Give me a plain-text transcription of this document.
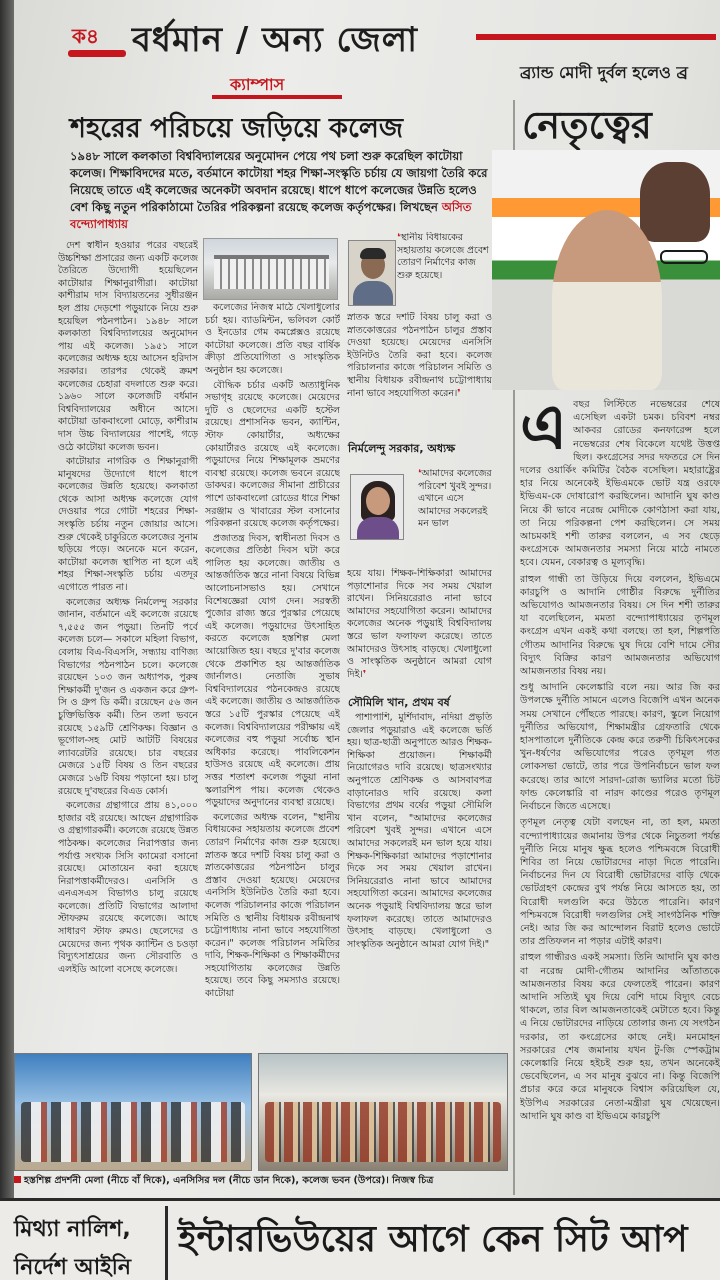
ক৪ বর্ধমান / অন্য জেলা
ক্যাম্পাস
শহরের পরিচয়ে জড়িয়ে কলেজ
১৯৪৮ সালে কলকাতা বিশ্ববিদ্যালয়ের অনুমোদন পেয়ে পথ চলা শুরু করেছিল কাটোয়া কলেজ। শিক্ষাবিদদের মতে, বর্তমানে কাটোয়া শহর শিক্ষা-সংস্কৃতি চর্চায় যে জায়গা তৈরি করে নিয়েছে তাতে এই কলেজের অনেকটা অবদান রয়েছে। ধাপে ধাপে কলেজের উন্নতি হলেও বেশ কিছু নতুন পরিকাঠামো তৈরির পরিকল্পনা রয়েছে কলেজ কর্তৃপক্ষের। লিখছেন অসিত বন্দ্যোপাধ্যায়

দেশ স্বাধীন হওয়ার পরের বছরেই উচ্চশিক্ষা প্রসারের জন্য একটি কলেজ তৈরিতে উদ্যোগী হয়েছিলেন কাটোয়ার শিক্ষানুরাগীরা। কাটোয়া কাশীরাম দাস বিদ্যায়তনের সুধীরঞ্জন হল প্রায় দেড়শো পড়ুয়াকে নিয়ে শুরু হয়েছিল পঠনপাঠন। ১৯৪৮ সালে কলকাতা বিশ্ববিদ্যালয়ের অনুমোদন পায় এই কলেজ। ১৯৫১ সালে কলেজের অধ্যক্ষ হয়ে আসেন হরিদাস সরকার। তারপর থেকেই ক্রমশ কলেজের চেহারা বদলাতে শুরু করে। ১৯৬০ সালে কলেজটি বর্ধমান বিশ্ববিদ্যালয়ের অধীনে আসে। কাটোয়া ডাকবাংলো মোড়ে, কাশীরাম দাস উচ্চ বিদ্যালয়ের পাশেই, গড়ে ওঠে কাটোয়া কলেজ ভবন।

কাটোয়ার নাগরিক ও শিক্ষানুরাগী মানুষদের উদ্যোগে ধাপে ধাপে কলেজের উন্নতি হয়েছে। কলকাতা থেকে আসা অধ্যক্ষ কলেজে যোগ দেওয়ার পরে গোটা শহরের শিক্ষা-সংস্কৃতি চর্চায় নতুন জোয়ার আসে। শুরু থেকেই চাকুরিতে কলেজের সুনাম ছড়িয়ে পড়ে। অনেকে মনে করেন, কাটোয়া কলেজ স্থাপিত না হলে এই শহর শিক্ষা-সংস্কৃতি চর্চায় এতদূর এগোতে পারত না।

কলেজের অধ্যক্ষ নির্মলেন্দু সরকার জানান, বর্তমানে এই কলেজে রয়েছে ৭,৫৫৫ জন পড়ুয়া। তিনটি পর্বে কলেজ চলে— সকালে মহিলা বিভাগ, বেলায় বিএ-বিএসসি, সন্ধ্যায় বাণিজ্য বিভাগের পঠনপাঠন চলে। কলেজে রয়েছেন ১০৩ জন অধ্যাপক, পুরুষ শিক্ষাকর্মী দু'জন ও একজন করে গ্রুপ-সি ও গ্রুপ ডি কর্মী। রয়েছেন ৫৬ জন চুক্তিভিত্তিক কর্মী। তিন তলা ভবনে রয়েছে ১৫৯টি শ্রেণিকক্ষ। বিজ্ঞান ও ভূগোল-সহ মোট আটটি বিষয়ের ল্যাবরেটরি রয়েছে। চার বছরের মেজরে ১৫টি বিষয় ও তিন বছরের মেজরে ১৬টি বিষয় পড়ানো হয়। চালু রয়েছে দু'বছরের বিএড কোর্স।

কলেজের গ্রন্থাগারে প্রায় ৪১,০০০ হাজার বই রয়েছে। আছেন গ্রন্থাগারিক ও গ্রন্থাগারকর্মী। কলেজে রয়েছে উন্নত পাঠকক্ষ। কলেজের নিরাপত্তার জন্য পর্যাপ্ত সংখ্যক সিসি ক্যামেরা বসানো রয়েছে। মোতায়েন করা হয়েছে নিরাপত্তাকর্মীদেরও। এনসিসি ও এনএসএস বিভাগও চালু রয়েছে কলেজে। প্রতিটি বিভাগের আলাদা স্টাফরুম রয়েছে কলেজে। আছে সাধারণ স্টাফ রুমও। ছেলেদের ও মেয়েদের জন্য পৃথক ক্যান্টিন ও চওড়া বিদ্যুৎসাশ্রয়ের জন্য সৌরবাতি ও এলইডি আলো বসেছে কলেজে।

কলেজের নিজস্ব মাঠে খেলাধুলোর চর্চা হয়। ব্যাডমিন্টন, ভলিবল কোর্ট ও ইনডোর গেম কমপ্লেক্সও রয়েছে কাটোয়া কলেজে। প্রতি বছর বার্ষিক ক্রীড়া প্রতিযোগিতা ও সাংস্কৃতিক অনুষ্ঠান হয় কলেজে।

বৌদ্ধিক চর্চার একটি অত্যাধুনিক সভাগৃহ রয়েছে কলেজে। মেয়েদের দুটি ও ছেলেদের একটি হস্টেল রয়েছে। প্রশাসনিক ভবন, ক্যান্টিন, স্টাফ কোয়ার্টার, অধ্যক্ষের কোয়ার্টারও রয়েছে এই কলেজে। পড়ুয়াদের নিয়ে শিক্ষামূলক ভ্রমণের ব্যবস্থা রয়েছে। কলেজ ভবনে রয়েছে ডাকঘর। কলেজের সীমানা প্রাচীরের পাশে ডাকবাংলো রোডের ধারে শিক্ষা সরঞ্জাম ও খাবারের স্টল বসানোর পরিকল্পনা রয়েছে কলেজ কর্তৃপক্ষের।

প্রজাতন্ত্র দিবস, স্বাধীনতা দিবস ও কলেজের প্রতিষ্ঠা দিবস ঘটা করে পালিত হয় কলেজে। জাতীয় ও আন্তর্জাতিক স্তরে নানা বিষয়ে বিভিন্ন আলোচনাসভাও হয়। সেখানে বিশেষজ্ঞেরা যোগ দেন। সরস্বতী পুজোর রাজ্য স্তরে পুরস্কার পেয়েছে এই কলেজ। পড়ুয়াদের উৎসাহিত করতে কলেজে হস্তশিল্প মেলা আয়োজিত হয়। বছরে দু'বার কলেজ থেকে প্রকাশিত হয় আন্তর্জাতিক জার্নালও। নেতাজি সুভাষ বিশ্ববিদ্যালয়ের পঠনকেন্দ্রও রয়েছে এই কলেজে। জাতীয় ও আন্তর্জাতিক স্তরে ১৫টি পুরস্কার পেয়েছে এই কলেজ। বিশ্ববিদ্যালয়ের পরীক্ষায় এই কলেজের বহু পড়ুয়া সর্বোচ্চ স্থান অধিকার করেছে। পাবলিকেশন হাউসও রয়েছে এই কলেজে। প্রায় সত্তর শতাংশ কলেজ পড়ুয়া নানা স্কলারশিপ পায়। কলেজ থেকেও পড়ুয়াদের অনুদানের ব্যবস্থা রয়েছে।

কলেজের অধ্যক্ষ বলেন, "স্থানীয় বিধায়কের সহায়তায় কলেজে প্রবেশ তোরণ নির্মাণের কাজ শুরু হয়েছে। স্নাতক স্তরে দশটি বিষয় চালু করা ও স্নাতকোত্তরের পঠনপাঠন চালুর প্রস্তাব দেওয়া হয়েছে। মেয়েদের এনসিসি ইউনিটও তৈরি করা হবে। কলেজ পরিচালনার কাজে পরিচালন সমিতি ও স্থানীয় বিধায়ক রবীন্দ্রনাথ চট্টোপাধ্যায় নানা ভাবে সহযোগিতা করেন।" কলেজ পরিচালন সমিতির দাবি, শিক্ষক-শিক্ষিকা ও শিক্ষাকর্মীদের সহযোগিতায় কলেজের উন্নতি হয়েছে। তবে কিছু সমস্যাও রয়েছে। কাটোয়া

❛স্থানীয় বিধায়কের সহায়তায় কলেজে প্রবেশ তোরণ নির্মাণের কাজ শুরু হয়েছে।
স্নাতক স্তরে দশটি বিষয় চালু করা ও স্নাতকোত্তরের পঠনপাঠন চালুর প্রস্তাব দেওয়া হয়েছে। মেয়েদের এনসিসি ইউনিটও তৈরি করা হবে। কলেজ পরিচালনার কাজে পরিচালন সমিতি ও স্থানীয় বিধায়ক রবীন্দ্রনাথ চট্টোপাধ্যায় নানা ভাবে সহযোগিতা করেন।❜
নির্মলেন্দু সরকার, অধ্যক্ষ
❛আমাদের কলেজের পরিবেশ খুবই সুন্দর। এখানে এসে আমাদের সকলেরই মন ভাল
হয়ে যায়। শিক্ষক-শিক্ষিকারা আমাদের পড়াশোনার দিকে সব সময় খেয়াল রাখেন। সিনিয়রেরাও নানা ভাবে আমাদের সহযোগিতা করেন। আমাদের কলেজের অনেক পড়ুয়াই বিশ্ববিদ্যালয় স্তরে ভাল ফলাফল করেছে। তাতে আমাদেরও উৎসাহ বাড়ছে। খেলাধুলো ও সাংস্কৃতিক অনুষ্ঠানে আমরা যোগ দিই।❜
সৌমিলি খান, প্রথম বর্ষ

পাশাপাশি, মুর্শিদাবাদ, নদিয়া প্রভৃতি জেলার পড়ুয়ারাও এই কলেজে ভর্তি হয়। ছাত্র-ছাত্রী অনুপাতে আরও শিক্ষক-শিক্ষিকা প্রয়োজন। শিক্ষাকর্মী নিয়োগেরও দাবি রয়েছে। ছাত্রসংখ্যার অনুপাতে শ্রেণিকক্ষ ও আসবাবপত্র বাড়ানোরও দাবি রয়েছে। কলা বিভাগের প্রথম বর্ষের পড়ুয়া সৌমিলি খান বলেন, "আমাদের কলেজের পরিবেশ খুবই সুন্দর। এখানে এসে আমাদের সকলেরই মন ভাল হয়ে যায়। শিক্ষক-শিক্ষিকারা আমাদের পড়াশোনার দিকে সব সময় খেয়াল রাখেন। সিনিয়রেরাও নানা ভাবে আমাদের সহযোগিতা করেন। আমাদের কলেজের অনেক পড়ুয়াই বিশ্ববিদ্যালয় স্তরে ভাল ফলাফল করেছে। তাতে আমাদেরও উৎসাহ বাড়ছে। খেলাধুলো ও সাংস্কৃতিক অনুষ্ঠানে আমরা যোগ দিই।"

হস্তশিল্প প্রদর্শনী মেলা (নীচে বাঁ দিকে), এনসিসির দল (নীচে ডান দিকে), কলেজ ভবন (উপরে)। নিজস্ব চিত্র
ব্র্যান্ড মোদী দুর্বল হলেও ব্র
নেতৃত্বের
এ বছর লিস্টিতে নভেম্বরের শেষে এসেছিল একটা চমক। চবিবশ নম্বর আকবর রোডের কনফারেন্স হলে নভেম্বরের শেষ বিকেলে যথেষ্ট উত্তপ্ত ছিল। কংগ্রেসের সদর দফতরে সে দিন দলের ওয়ার্কিং কমিটির বৈঠক বসেছিল। মহারাষ্ট্রের হার নিয়ে অনেকেই ইভিএমকে ভোট যন্ত্র ওরফে ইভিএম-কে দোষারোপ করছিলেন। আদানি ঘুষ কাণ্ড নিয়ে কী ভাবে নরেন্দ্র মোদীকে কোণঠাসা করা যায়, তা নিয়ে পরিকল্পনা পেশ করছিলেন। সে সময় আচমকাই শশী তারুর বললেন, এ সব ছেড়ে কংগ্রেসকে আমজনতার সমস্যা নিয়ে মাঠে নামতে হবে। যেমন, বেকারত্ব ও মূল্যবৃদ্ধি।

রাহুল গান্ধী তা উড়িয়ে দিয়ে বললেন, ইভিএমে কারচুপি ও আদানি গোষ্ঠীর বিরুদ্ধে দুর্নীতির অভিযোগও আমজনতার বিষয়। সে দিন শশী তারুর যা বলেছিলেন, মমতা বন্দ্যোপাধ্যায়ের তৃণমূল কংগ্রেস এখন একই কথা বলছে। তা হল, শিল্পপতি গৌতম আদানির বিরুদ্ধে ঘুষ দিয়ে বেশি দামে সৌর বিদ্যুৎ বিক্রির কারণ আমজনতার অভিযোগ আমজনতার বিষয় নয়।

শুধু আদানি কেলেঙ্কারি বলে নয়। আর জি কর উপলক্ষে দুর্নীতি সামনে এলেও বিজেপি এখন অনেক সময় সেখানে পৌঁছতে পারছে। কারণ, স্কুলে নিয়োগ দুর্নীতির অভিযোগ, শিক্ষামন্ত্রীর গ্রেফতারি থেকে হাসপাতালে দুর্নীতিকে কেন্দ্র করে তরুণী চিকিৎসকের খুন-ধর্ষণের অভিযোগের পরেও তৃণমূল গত লোকসভা ভোটে, তার পরে উপনির্বাচনে ভাল ফল করেছে। তার আগে সারদা-রোজ ভ্যালির মতো চিট ফান্ড কেলেঙ্কারি বা নারদ কাণ্ডের পরেও তৃণমূল নির্বাচনে জিতে এসেছে।

তৃণমূল নেতৃত্ব যেটা বলছেন না, তা হল, মমতা বন্দ্যোপাধ্যায়ের জমানায় উপর থেকে নিচুতলা পর্যন্ত দুর্নীতি নিয়ে মানুষ ক্ষুব্ধ হলেও পশ্চিমবঙ্গে বিরোধী শিবির তা নিয়ে ভোটারদের নাড়া দিতে পারেনি। নির্বাচনের দিন যে বিরোধী ভোটারদের বাড়ি থেকে ভোটগ্রহণ কেন্দ্রের বুথ পর্যন্ত নিয়ে আসতে হয়, তা বিরোধী দলগুলি করে উঠতে পারেনি। কারণ পশ্চিমবঙ্গে বিরোধী দলগুলির সেই সাংগঠনিক শক্তি নেই। আর জি কর আন্দোলন বিরাট হলেও ভোটে তার প্রতিফলন না পড়ার এটাই কারণ।

রাহুল গান্ধীরও একই সমস্যা। তিনি আদানি ঘুষ কাণ্ড বা নরেন্দ্র মোদী-গৌতম আদানির আঁতাতকে আমজনতার বিষয় করে ফেলতেই পারেন। কারণ আদানি সত্যিই ঘুষ দিয়ে বেশি দামে বিদ্যুৎ বেচে থাকলে, তার বিল আমজনতাকেই মেটাতে হবে। কিন্তু এ নিয়ে ভোটারদের নাড়িয়ে তোলার জন্য যে সংগঠন দরকার, তা কংগ্রেসের কাছে নেই। মনমোহন সরকারের শেষ জমানায় যখন টু-জি স্পেকট্রাম কেলেঙ্কারি নিয়ে হইচই শুরু হয়, তখন অনেকেই ভেবেছিলেন, এ সব মানুষ বুঝবে না। কিন্তু বিজেপি প্রচার করে করে মানুষকে বিশ্বাস করিয়েছিল যে, ইউপিএ সরকারের নেতা-মন্ত্রীরা ঘুষ খেয়েছেন। আদানি ঘুষ কাণ্ড বা ইভিএমে কারচুপি

মিথ্যা নালিশ,
নির্দেশ আইনি
ইন্টারভিউয়ের আগে কেন সিট আপ
